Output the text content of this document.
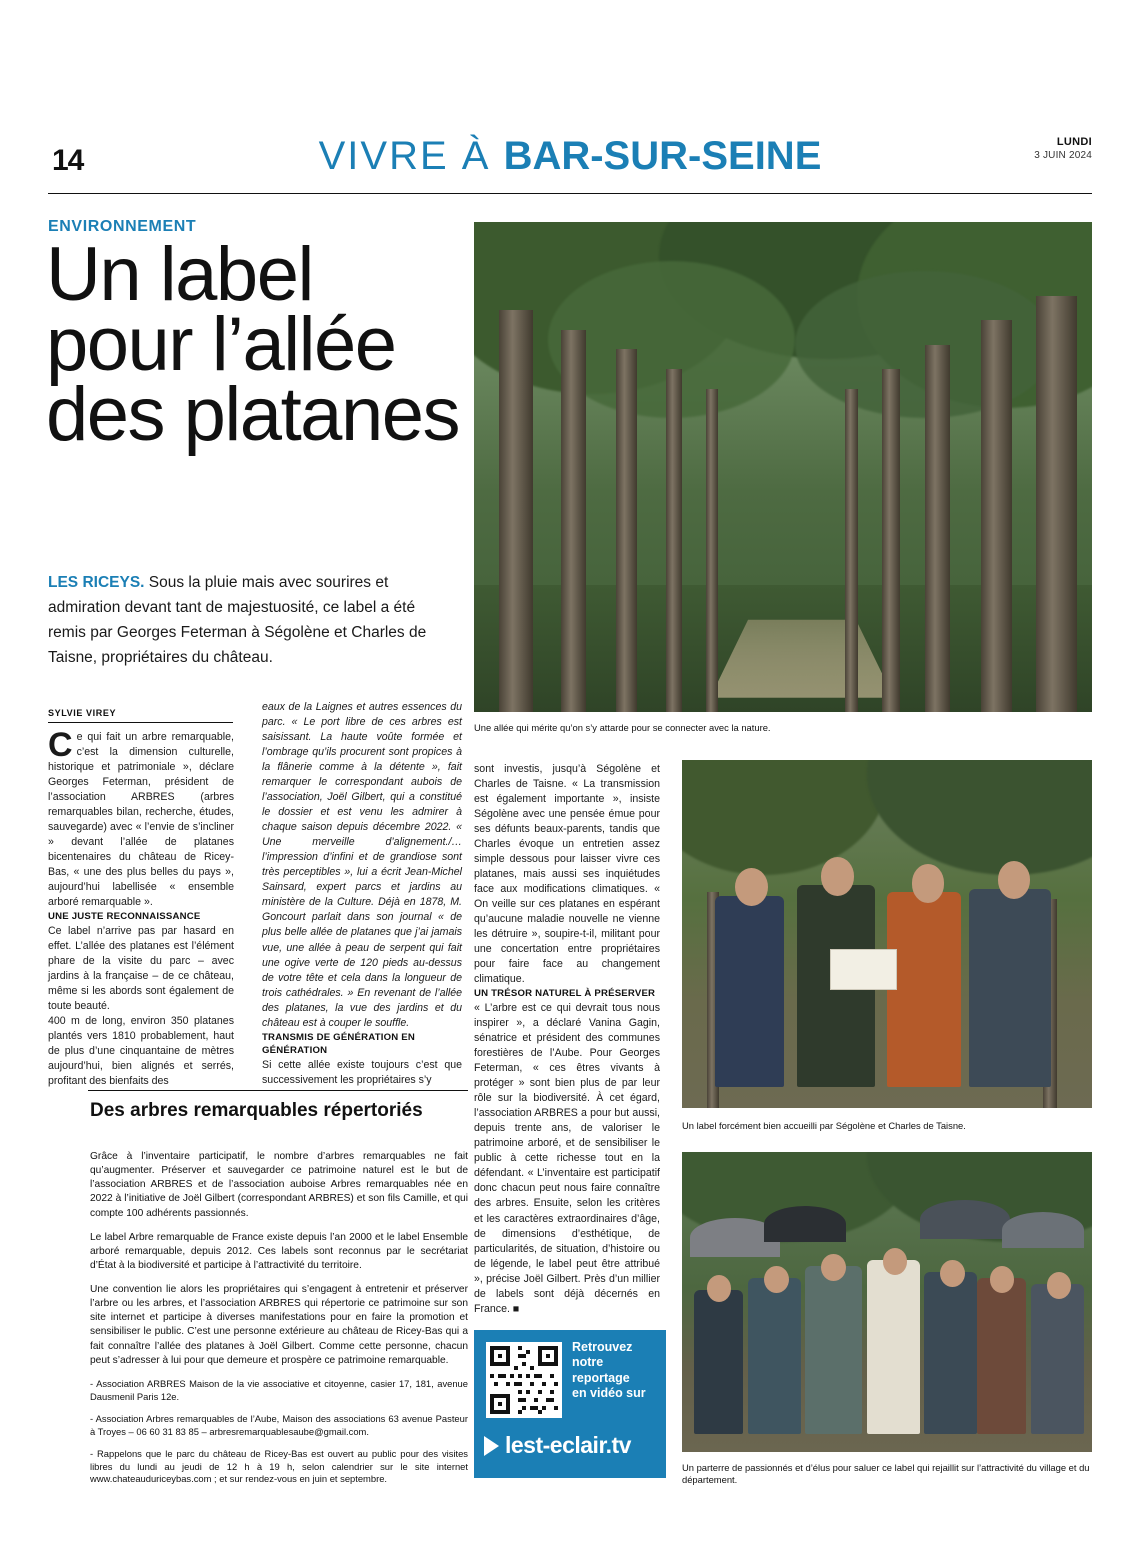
14	VIVRE À BAR-SUR-SEINE	LUNDI
3 JUIN 2024
ENVIRONNEMENT
Un label
pour l’allée
des platanes
LES RICEYS. Sous la pluie mais avec sourires et admiration devant tant de majestuosité, ce label a été remis par Georges Feterman à Ségolène et Charles de Taisne, propriétaires du château.
SYLVIE VIREY

Ce qui fait un arbre remarquable, c’est la dimension culturelle, historique et patrimoniale », déclare Georges Feterman, président de l’association ARBRES (arbres remarquables bilan, recherche, études, sauvegarde) avec « l’envie de s’incliner » devant l’allée de platanes bicentenaires du château de Ricey-Bas, « une des plus belles du pays », aujourd’hui labellisée « ensemble arboré remarquable ».

UNE JUSTE RECONNAISSANCE

Ce label n’arrive pas par hasard en effet. L’allée des platanes est l’élément phare de la visite du parc – avec jardins à la française – de ce château, même si les abords sont également de toute beauté.

400 m de long, environ 350 platanes plantés vers 1810 probablement, haut de plus d’une cinquantaine de mètres aujourd’hui, bien alignés et serrés, profitant des bienfaits des

eaux de la Laignes et autres essences du parc. « Le port libre de ces arbres est saisissant. La haute voûte formée et l’ombrage qu’ils procurent sont propices à la flânerie comme à la détente », fait remarquer le correspondant aubois de l’association, Joël Gilbert, qui a constitué le dossier et est venu les admirer à chaque saison depuis décembre 2022. « Une merveille d’alignement./… l’impression d’infini et de grandiose sont très perceptibles », lui a écrit Jean-Michel Sainsard, expert parcs et jardins au ministère de la Culture. Déjà en 1878, M. Goncourt parlait dans son journal « de plus belle allée de platanes que j’ai jamais vue, une allée à peau de serpent qui fait une ogive verte de 120 pieds au-dessus de votre tête et cela dans la longueur de trois cathédrales. » En revenant de l’allée des platanes, la vue des jardins et du château est à couper le souffle.

TRANSMIS DE GÉNÉRATION EN GÉNÉRATION

Si cette allée existe toujours c’est que successivement les propriétaires s’y

sont investis, jusqu’à Ségolène et Charles de Taisne. « La transmission est également importante », insiste Ségolène avec une pensée émue pour ses défunts beaux-parents, tandis que Charles évoque un entretien assez simple dessous pour laisser vivre ces platanes, mais aussi ses inquiétudes face aux modifications climatiques. « On veille sur ces platanes en espérant qu’aucune maladie nouvelle ne vienne les détruire », soupire-t-il, militant pour une concertation entre propriétaires pour faire face au changement climatique.

UN TRÉSOR NATUREL À PRÉSERVER

« L’arbre est ce qui devrait tous nous inspirer », a déclaré Vanina Gagin, sénatrice et président des communes forestières de l’Aube. Pour Georges Feterman, « ces êtres vivants à protéger » sont bien plus de par leur rôle sur la biodiversité. À cet égard, l’association ARBRES a pour but aussi, depuis trente ans, de valoriser le patrimoine arboré, et de sensibiliser le public à cette richesse tout en la défendant. « L’inventaire est participatif donc chacun peut nous faire connaître des arbres. Ensuite, selon les critères et les caractères extraordinaires d’âge, de dimensions d’esthétique, de particularités, de situation, d’histoire ou de légende, le label peut être attribué », précise Joël Gilbert. Près d’un millier de labels sont déjà décernés en France. ■

Des arbres remarquables répertoriés

Grâce à l’inventaire participatif, le nombre d’arbres remarquables ne fait qu’augmenter. Préserver et sauvegarder ce patrimoine naturel est le but de l’association ARBRES et de l’association auboise Arbres remarquables née en 2022 à l’initiative de Joël Gilbert (correspondant ARBRES) et son fils Camille, et qui compte 100 adhérents passionnés.

Le label Arbre remarquable de France existe depuis l’an 2000 et le label Ensemble arboré remarquable, depuis 2012. Ces labels sont reconnus par le secrétariat d’État à la biodiversité et participe à l’attractivité du territoire.

Une convention lie alors les propriétaires qui s’engagent à entretenir et préserver l’arbre ou les arbres, et l’association ARBRES qui répertorie ce patrimoine sur son site internet et participe à diverses manifestations pour en faire la promotion et sensibiliser le public. C’est une personne extérieure au château de Ricey-Bas qui a fait connaître l’allée des platanes à Joël Gilbert. Comme cette personne, chacun peut s’adresser à lui pour que demeure et prospère ce patrimoine remarquable.

- Association ARBRES Maison de la vie associative et citoyenne, casier 17, 181, avenue Dausmenil Paris 12e.

- Association Arbres remarquables de l’Aube, Maison des associations 63 avenue Pasteur à Troyes – 06 60 31 83 85 – arbresremarquablesaube@gmail.com.

- Rappelons que le parc du château de Ricey-Bas est ouvert au public pour des visites libres du lundi au jeudi de 12 h à 19 h, selon calendrier sur le site internet www.chateauduriceybas.com ; et sur rendez-vous en juin et septembre.

Retrouvez
notre
reportage
en vidéo sur
lest-eclair.tv
Une allée qui mérite qu’on s’y attarde pour se connecter avec la nature.
Un label forcément bien accueilli par Ségolène et Charles de Taisne.
Un parterre de passionnés et d’élus pour saluer ce label qui rejaillit sur l’attractivité du village et du département.
